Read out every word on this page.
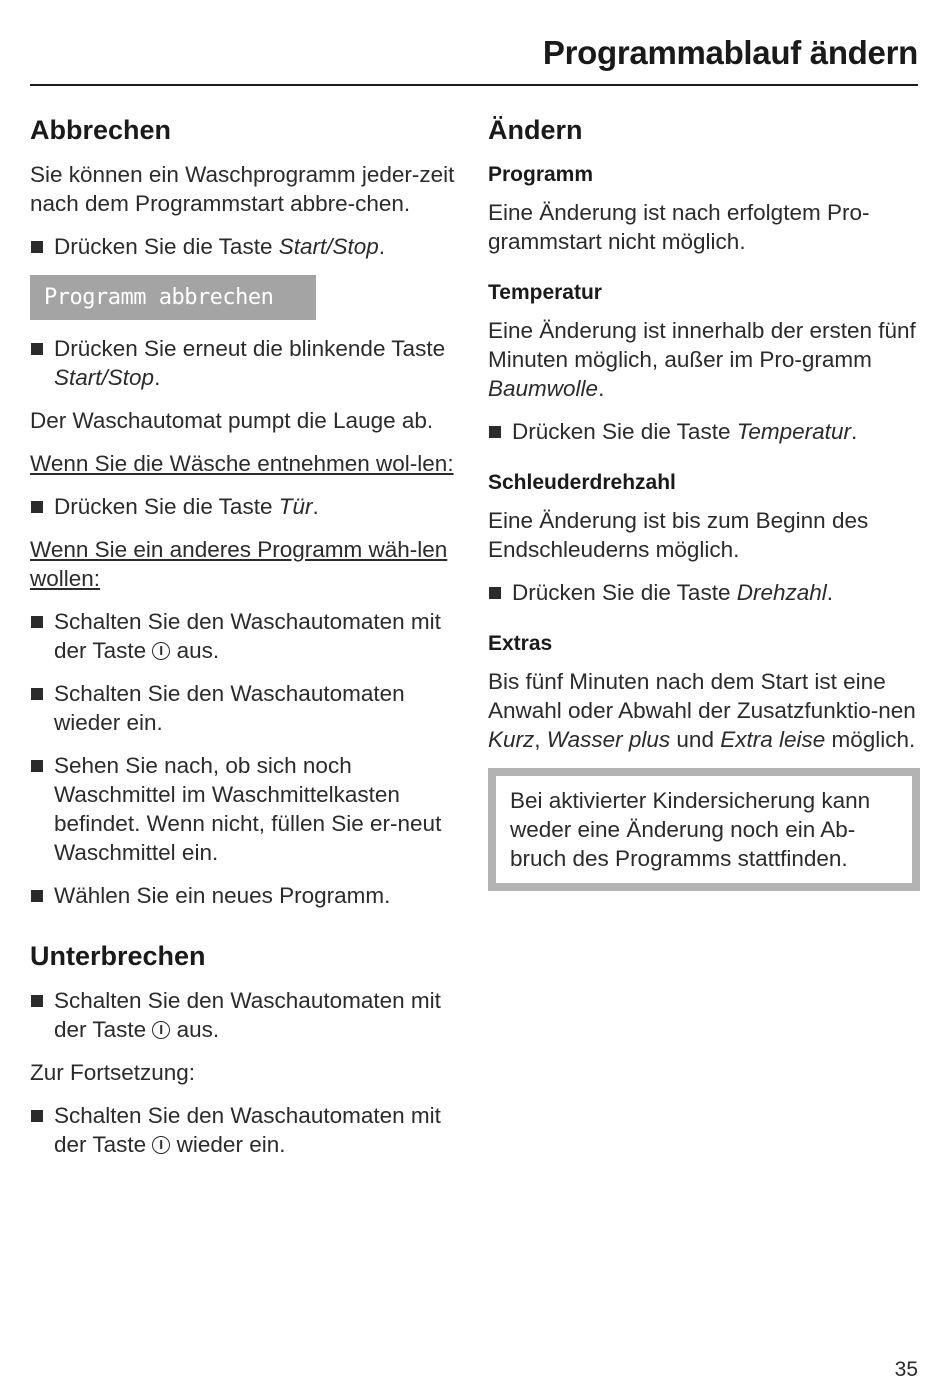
Programmablauf ändern
Abbrechen

Sie können ein Waschprogramm jeder-zeit nach dem Programmstart abbre-chen.

Drücken Sie die Taste Start/Stop.
Programm abbrechen
Drücken Sie erneut die blinkende Taste Start/Stop.

Der Waschautomat pumpt die Lauge ab.

Wenn Sie die Wäsche entnehmen wol-len:

Drücken Sie die Taste Tür.

Wenn Sie ein anderes Programm wäh-len wollen:

Schalten Sie den Waschautomaten mit der Taste  aus.
Schalten Sie den Waschautomaten wieder ein.
Sehen Sie nach, ob sich noch Waschmittel im Waschmittelkasten befindet. Wenn nicht, füllen Sie er-neut Waschmittel ein.
Wählen Sie ein neues Programm.
Unterbrechen
Schalten Sie den Waschautomaten mit der Taste  aus.

Zur Fortsetzung:

Schalten Sie den Waschautomaten mit der Taste  wieder ein.
Ändern
Programm

Eine Änderung ist nach erfolgtem Pro-grammstart nicht möglich.

Temperatur

Eine Änderung ist innerhalb der ersten fünf Minuten möglich, außer im Pro-gramm Baumwolle.

Drücken Sie die Taste Temperatur.
Schleuderdrehzahl

Eine Änderung ist bis zum Beginn des Endschleuderns möglich.

Drücken Sie die Taste Drehzahl.
Extras

Bis fünf Minuten nach dem Start ist eine Anwahl oder Abwahl der Zusatzfunktio-nen Kurz, Wasser plus und Extra leise möglich.

Bei aktivierter Kindersicherung kann weder eine Änderung noch ein Ab-bruch des Programms stattfinden.

35
